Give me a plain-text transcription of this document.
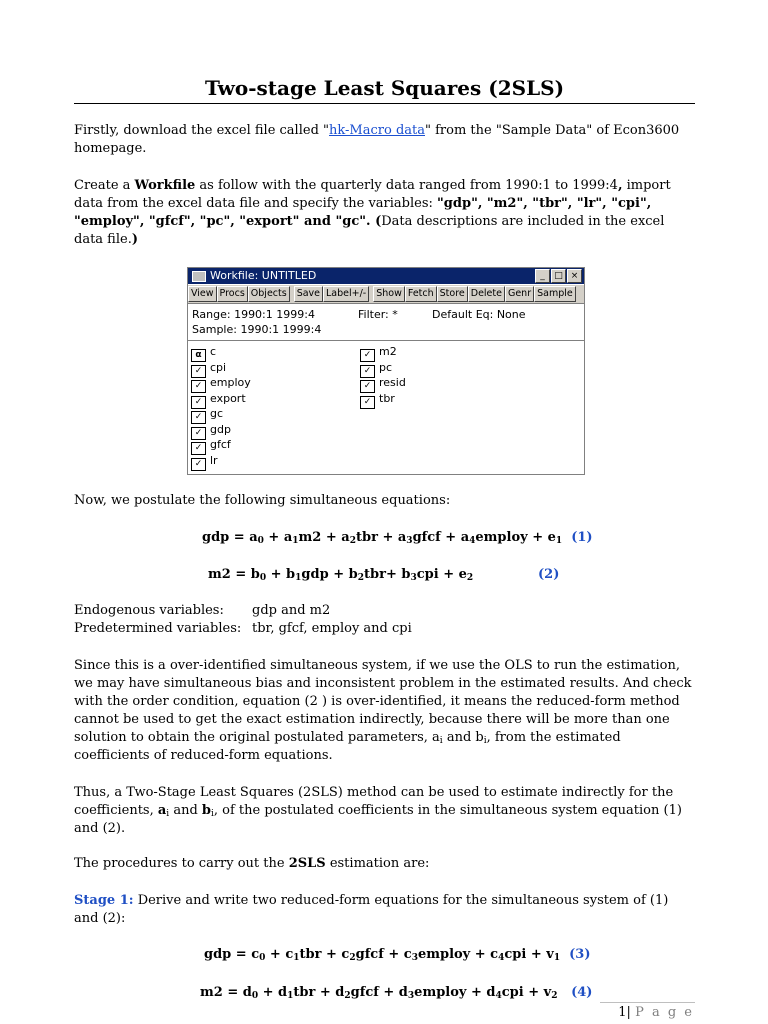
Two-stage Least Squares (2SLS)

Firstly, download the excel file called "hk-Macro data" from the "Sample Data" of Econ3600 homepage.

Create a Workfile as follow with the quarterly data ranged from 1990:1 to 1999:4, import data from the excel data file and specify the variables: "gdp", "m2", "tbr", "lr", "cpi", "employ", "gfcf", "pc", "export" and "gc". (Data descriptions are included in the excel data file.)

Workfile: UNTITLED	_ □ ×
View Procs Objects Save Label+/- Show Fetch Store Delete Genr Sample
Range: 1990:1 1999:4
Sample: 1990:1 1999:4
Filter: *	Default Eq: None
α c
✓cpi
✓employ
✓export
✓gc
✓gdp
✓gfcf
✓lr
✓m2
✓pc
✓resid
✓tbr

Now, we postulate the following simultaneous equations:

gdp = $a_0 + a_1m2 + a_2tbr$ + $a_3gfcf$ + $a_4employ + e_1$ (1)
$m2 = b_0 + b_1gdp + b_2tbr+ b_3cpi + e_2$	(2)
Endogenous variables: gdp and m2
Predetermined variables: tbr, gfcf, employ and cpi

Since this is a over-identified simultaneous system, if we use the OLS to run the estimation, we may have simultaneous bias and inconsistent problem in the estimated results. And check with the order condition, equation (2 ) is over-identified, it means the reduced-form method cannot be used to get the exact estimation indirectly, because there will be more than one solution to obtain the original postulated parameters, $a_i$ and $b_i$, from the estimated coefficients of reduced-form equations.

Thus, a Two-Stage Least Squares (2SLS) method can be used to estimate indirectly for the coefficients, $a_i$ and $b_i$, of the postulated coefficients in the simultaneous system equation (1) and (2).

The procedures to carry out the 2SLS estimation are:

Stage 1: Derive and write two reduced-form equations for the simultaneous system of (1) and (2):

gdp = $c_0 + c_1tbr$ + $c_2gfcf$ + $c_3employ + c_4cpi + v_1$ (3)
$m2 = d_0 + d_1tbr$ + $d_2gfcf$ + $d_3employ + d_4cpi + v_2$ (4)
1| P a g e
